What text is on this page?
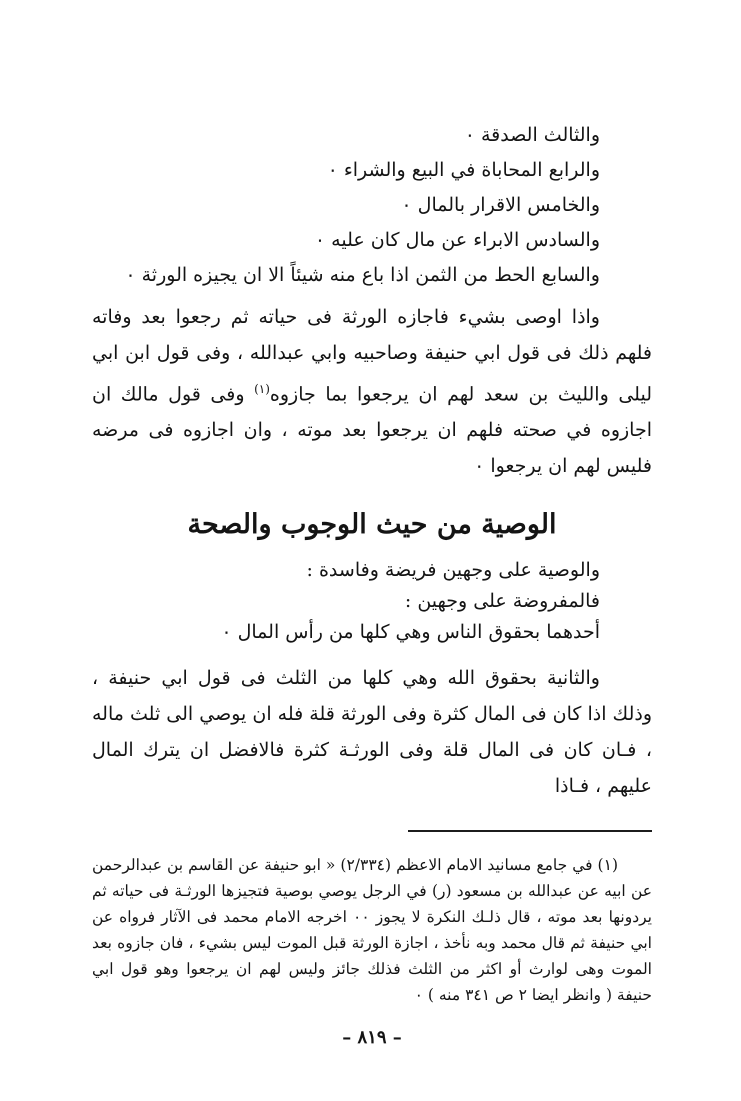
والثالث الصدقة ٠
والرابع المحاباة في البيع والشراء ٠
والخامس الاقرار بالمال ٠
والسادس الابراء عن مال كان عليه ٠
والسابع الحط من الثمن اذا باع منه شيئاً الا ان يجيزه الورثة ٠

واذا اوصى بشيء فاجازه الورثة فى حياته ثم رجعوا بعد وفاته فلهم ذلك فى قول ابي حنيفة وصاحبيه وابي عبدالله ، وفى قول ابن ابي ليلى والليث بن سعد لهم ان يرجعوا بما جازوه$^{(١)}$ وفى قول مالك ان اجازوه في صحته فلهم ان يرجعوا بعد موته ، وان اجازوه فى مرضه فليس لهم ان يرجعوا ٠

الوصية من حيث الوجوب والصحة
والوصية على وجهين فريضة وفاسدة :
فالمفروضة على وجهين :
أحدهما بحقوق الناس وهي كلها من رأس المال ٠

والثانية بحقوق الله وهي كلها من الثلث فى قول ابي حنيفة ، وذلك اذا كان فى المال كثرة وفى الورثة قلة فله ان يوصي الى ثلث ماله ، فـان كان فى المال قلة وفى الورثـة كثرة فالافضل ان يترك المال عليهم ، فـاذا

(١) في جامع مسانيد الامام الاعظم (٢/٣٣٤) « ابو حنيفة عن القاسم بن عبدالرحمن عن ابيه عن عبدالله بن مسعود (ر) في الرجل يوصي بوصية فتجيزها الورثـة فى حياته ثم يردونها بعد موته ، قال ذلـك النكرة لا يجوز ٠٠ اخرجه الامام محمد فى الآثار فرواه عن ابي حنيفة ثم قال محمد وبه نأخذ ، اجازة الورثة قبل الموت ليس بشيء ، فان جازوه بعد الموت وهى لوارث أو اكثر من الثلث فذلك جائز وليس لهم ان يرجعوا وهو قول ابي حنيفة ( وانظر ايضا ٢ ص ٣٤١ منه ) ٠

– ٨١٩ –
